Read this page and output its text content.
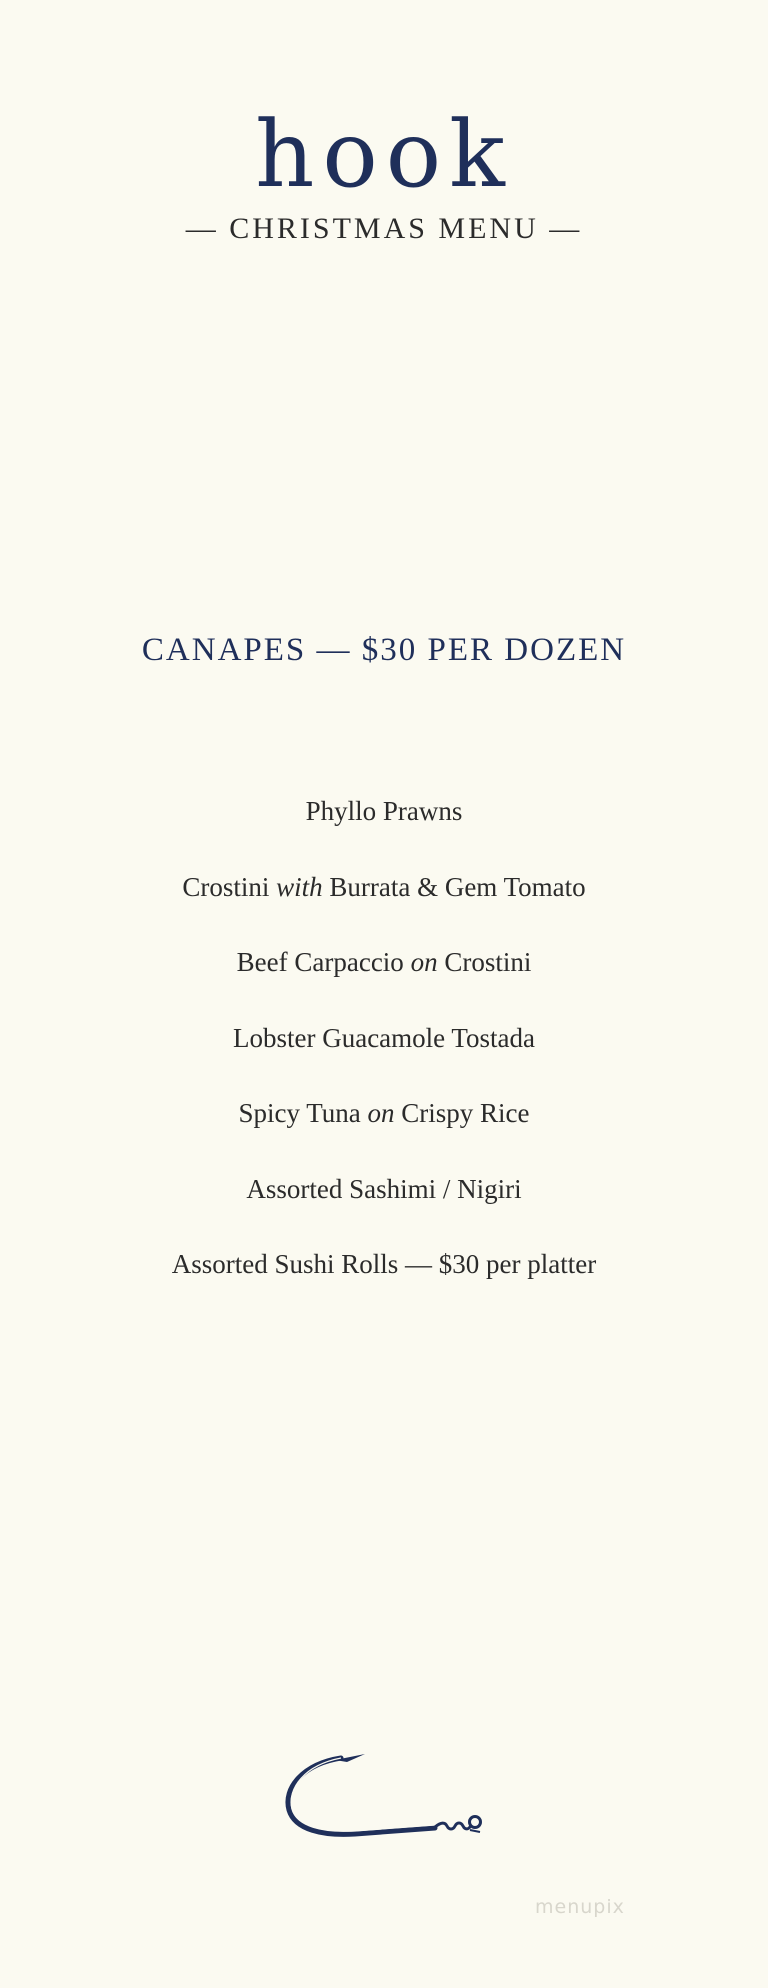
hook
— CHRISTMAS MENU —
CANAPES — $30 PER DOZEN
Phyllo Prawns
Crostini with Burrata & Gem Tomato
Beef Carpaccio on Crostini
Lobster Guacamole Tostada
Spicy Tuna on Crispy Rice
Assorted Sashimi / Nigiri
Assorted Sushi Rolls — $30 per platter
menupix
